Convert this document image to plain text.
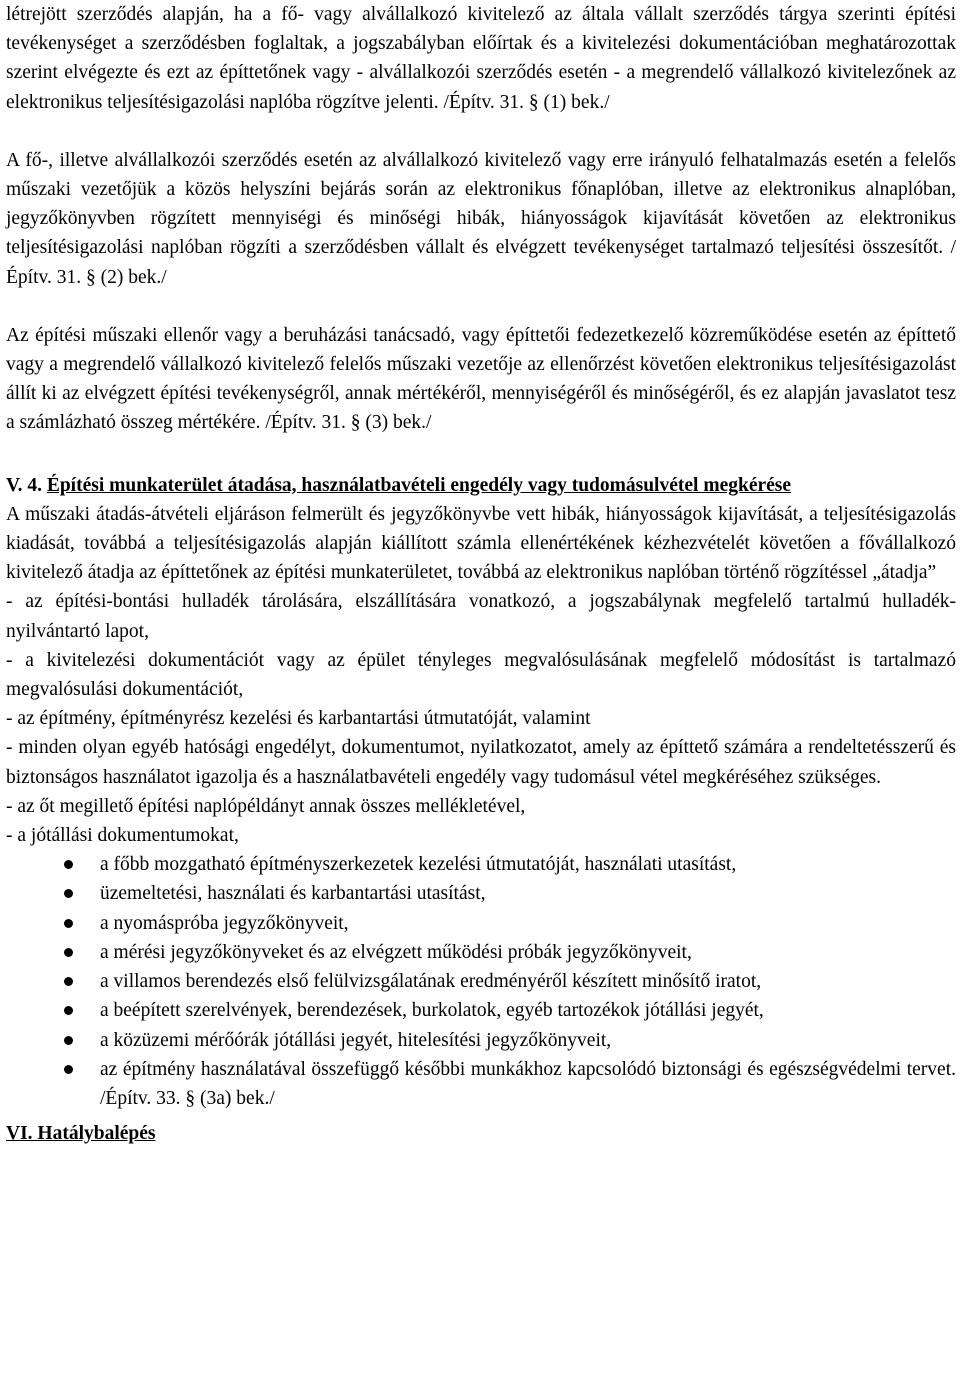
létrejött szerződés alapján, ha a fő- vagy alvállalkozó kivitelező az általa vállalt szerződés tárgya szerinti építési tevékenységet a szerződésben foglaltak, a jogszabályban előírtak és a kivitelezési dokumentációban meghatározottak szerint elvégezte és ezt az építtetőnek vagy - alvállalkozói szerződés esetén - a megrendelő vállalkozó kivitelezőnek az elektronikus teljesítésigazolási naplóba rögzítve jelenti. /Építv. 31. § (1) bek./

A fő-, illetve alvállalkozói szerződés esetén az alvállalkozó kivitelező vagy erre irányuló felhatalmazás esetén a felelős műszaki vezetőjük a közös helyszíni bejárás során az elektronikus főnaplóban, illetve az elektronikus alnaplóban, jegyzőkönyvben rögzített mennyiségi és minőségi hibák, hiányosságok kijavítását követően az elektronikus teljesítésigazolási naplóban rögzíti a szerződésben vállalt és elvégzett tevékenységet tartalmazó teljesítési összesítőt. /Építv. 31. § (2) bek./

Az építési műszaki ellenőr vagy a beruházási tanácsadó, vagy építtetői fedezetkezelő közreműködése esetén az építtető vagy a megrendelő vállalkozó kivitelező felelős műszaki vezetője az ellenőrzést követően elektronikus teljesítésigazolást állít ki az elvégzett építési tevékenységről, annak mértékéről, mennyiségéről és minőségéről, és ez alapján javaslatot tesz a számlázható összeg mértékére. /Építv. 31. § (3) bek./

V. 4. Építési munkaterület átadása, használatbavételi engedély vagy tudomásulvétel megkérése

A műszaki átadás-átvételi eljáráson felmerült és jegyzőkönyvbe vett hibák, hiányosságok kijavítását, a teljesítésigazolás kiadását, továbbá a teljesítésigazolás alapján kiállított számla ellenértékének kézhezvételét követően a fővállalkozó kivitelező átadja az építtetőnek az építési munkaterületet, továbbá az elektronikus naplóban történő rögzítéssel „átadja”

- az építési-bontási hulladék tárolására, elszállítására vonatkozó, a jogszabálynak megfelelő tartalmú hulladék-nyilvántartó lapot,

- a kivitelezési dokumentációt vagy az épület tényleges megvalósulásának megfelelő módosítást is tartalmazó megvalósulási dokumentációt,

- az építmény, építményrész kezelési és karbantartási útmutatóját, valamint

- minden olyan egyéb hatósági engedélyt, dokumentumot, nyilatkozatot, amely az építtető számára a rendeltetésszerű és biztonságos használatot igazolja és a használatbavételi engedély vagy tudomásul vétel megkéréséhez szükséges.

- az őt megillető építési naplópéldányt annak összes mellékletével,

- a jótállási dokumentumokat,

a főbb mozgatható építményszerkezetek kezelési útmutatóját, használati utasítást,
üzemeltetési, használati és karbantartási utasítást,
a nyomáspróba jegyzőkönyveit,
a mérési jegyzőkönyveket és az elvégzett működési próbák jegyzőkönyveit,
a villamos berendezés első felülvizsgálatának eredményéről készített minősítő iratot,
a beépített szerelvények, berendezések, burkolatok, egyéb tartozékok jótállási jegyét,
a közüzemi mérőórák jótállási jegyét, hitelesítési jegyzőkönyveit,
az építmény használatával összefüggő későbbi munkákhoz kapcsolódó biztonsági és egészségvédelmi tervet. /Építv. 33. § (3a) bek./
VI. Hatálybalépés
